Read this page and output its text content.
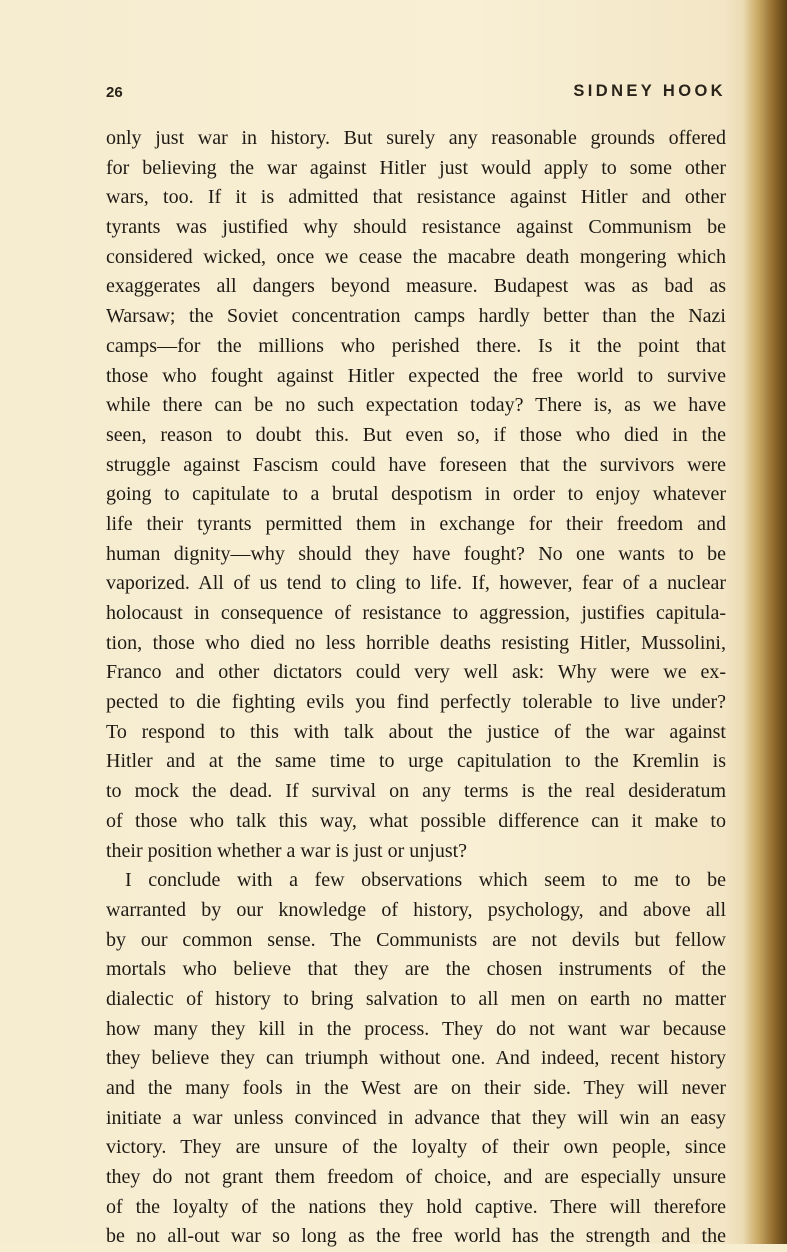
26	SIDNEY HOOK
only just war in history. But surely any reasonable grounds offered
for believing the war against Hitler just would apply to some other
wars, too. If it is admitted that resistance against Hitler and other
tyrants was justified why should resistance against Communism be
considered wicked, once we cease the macabre death mongering which
exaggerates all dangers beyond measure. Budapest was as bad as
Warsaw; the Soviet concentration camps hardly better than the Nazi
camps—for the millions who perished there. Is it the point that
those who fought against Hitler expected the free world to survive
while there can be no such expectation today? There is, as we have
seen, reason to doubt this. But even so, if those who died in the
struggle against Fascism could have foreseen that the survivors were
going to capitulate to a brutal despotism in order to enjoy whatever
life their tyrants permitted them in exchange for their freedom and
human dignity—why should they have fought? No one wants to be
vaporized. All of us tend to cling to life. If, however, fear of a nuclear
holocaust in consequence of resistance to aggression, justifies capitula-
tion, those who died no less horrible deaths resisting Hitler, Mussolini,
Franco and other dictators could very well ask: Why were we ex-
pected to die fighting evils you find perfectly tolerable to live under?
To respond to this with talk about the justice of the war against
Hitler and at the same time to urge capitulation to the Kremlin is
to mock the dead. If survival on any terms is the real desideratum
of those who talk this way, what possible difference can it make to
their position whether a war is just or unjust?
I conclude with a few observations which seem to me to be
warranted by our knowledge of history, psychology, and above all
by our common sense. The Communists are not devils but fellow
mortals who believe that they are the chosen instruments of the
dialectic of history to bring salvation to all men on earth no matter
how many they kill in the process. They do not want war because
they believe they can triumph without one. And indeed, recent history
and the many fools in the West are on their side. They will never
initiate a war unless convinced in advance that they will win an easy
victory. They are unsure of the loyalty of their own people, since
they do not grant them freedom of choice, and are especially unsure
of the loyalty of the nations they hold captive. There will therefore
be no all-out war so long as the free world has the strength and the
